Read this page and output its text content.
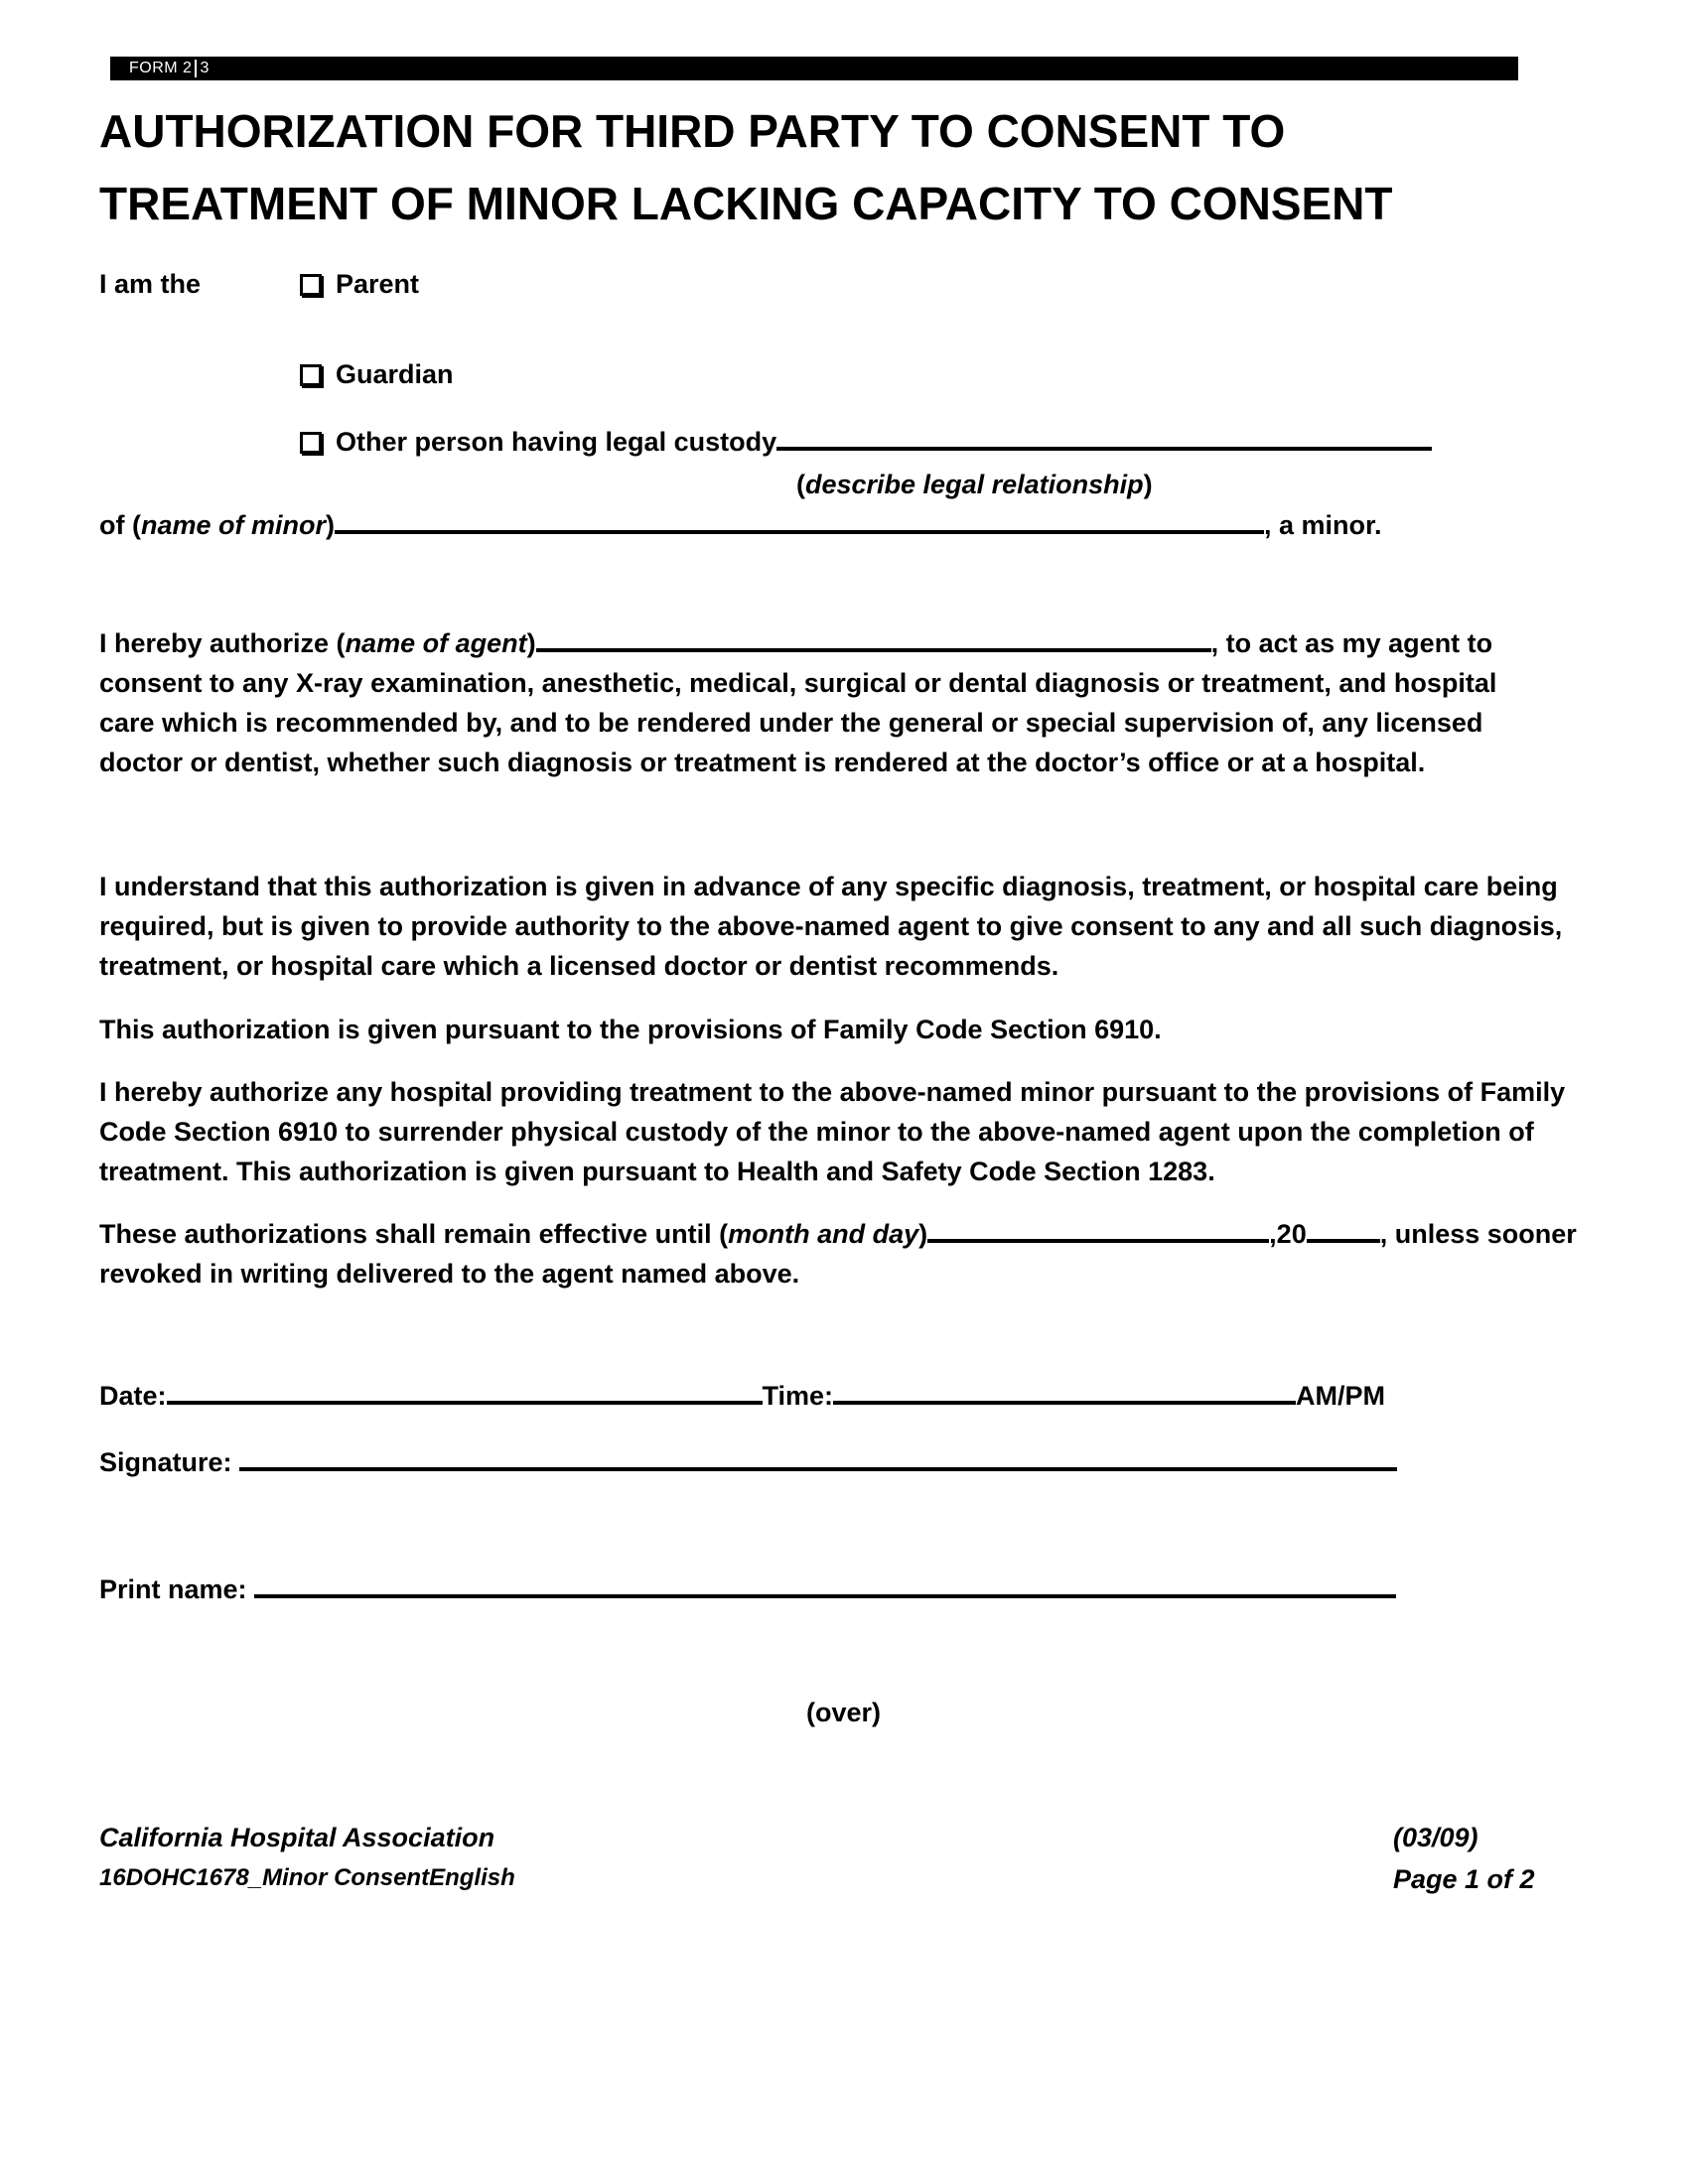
FORM 2 3
AUTHORIZATION FOR THIRD PARTY TO CONSENT TO
TREATMENT OF MINOR LACKING CAPACITY TO CONSENT
I am the	Parent
Guardian
Other person having legal custody
(describe legal relationship)
of (name of minor)	, a minor.
I hereby authorize (name of agent)	, to act as my agent to
consent to any X-ray examination, anesthetic, medical, surgical or dental diagnosis or treatment, and hospital care which is recommended by, and to be rendered under the general or special supervision of, any licensed doctor or dentist, whether such diagnosis or treatment is rendered at the doctor’s office or at a hospital.
I understand that this authorization is given in advance of any specific diagnosis, treatment, or hospital care being required, but is given to provide authority to the above-named agent to give consent to any and all such diagnosis, treatment, or hospital care which a licensed doctor or dentist recommends.
This authorization is given pursuant to the provisions of Family Code Section 6910.
I hereby authorize any hospital providing treatment to the above-named minor pursuant to the provisions of Family Code Section 6910 to surrender physical custody of the minor to the above-named agent upon the completion of treatment. This authorization is given pursuant to Health and Safety Code Section 1283.
These authorizations shall remain effective until (month and day)	,20	, unless sooner
revoked in writing delivered to the agent named above.
Date:	Time:	AM/PM
Signature:
Print name:
(over)
California Hospital Association
16DOHC1678_Minor ConsentEnglish
(03/09)
Page 1 of 2
